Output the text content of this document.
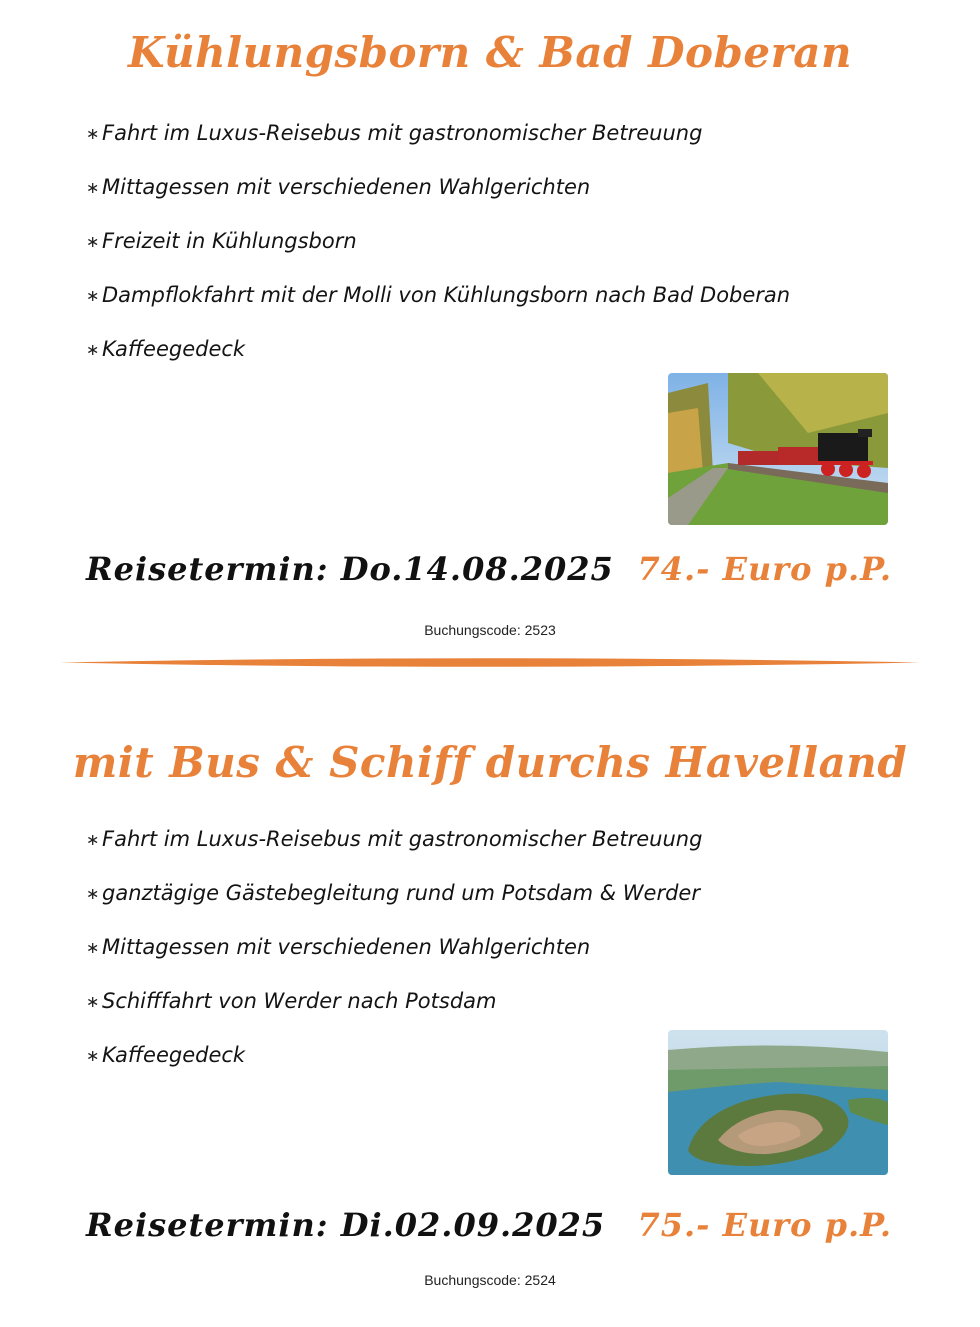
Kühlungsborn & Bad Doberan
∗ Fahrt im Luxus-Reisebus mit gastronomischer Betreuung
∗ Mittagessen mit verschiedenen Wahlgerichten
∗ Freizeit in Kühlungsborn
∗ Dampflokfahrt mit der Molli von Kühlungsborn nach Bad Doberan
∗ Kaffeegedeck
Reisetermin: Do.14.08.2025 74.- Euro p.P.
Buchungscode: 2523
mit Bus & Schiff durchs Havelland
∗ Fahrt im Luxus-Reisebus mit gastronomischer Betreuung
∗ ganztägige Gästebegleitung rund um Potsdam & Werder
∗ Mittagessen mit verschiedenen Wahlgerichten
∗ Schifffahrt von Werder nach Potsdam
∗ Kaffeegedeck
Reisetermin: Di.02.09.2025 75.- Euro p.P.
Buchungscode: 2524
